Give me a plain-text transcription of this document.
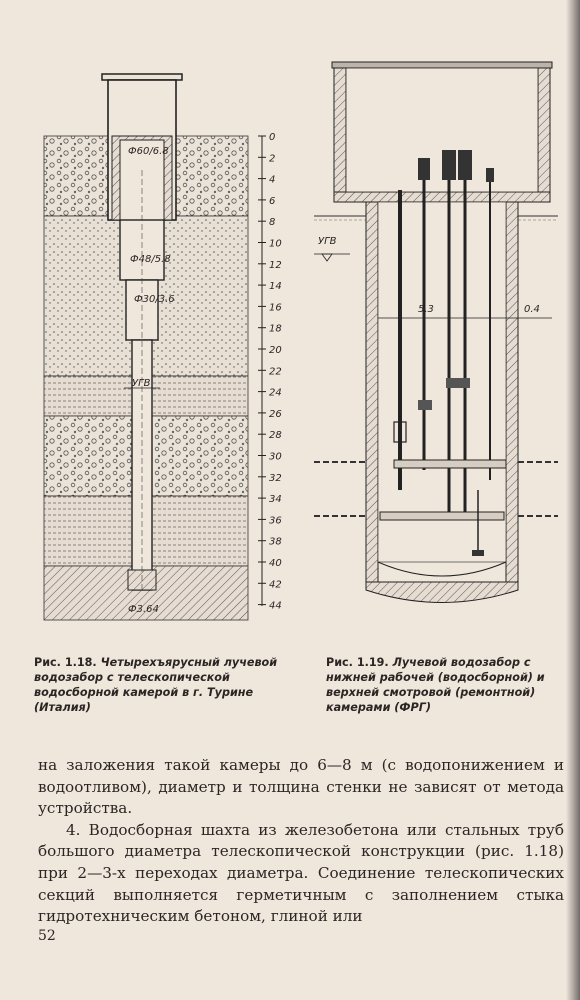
Ф60/6.8
Ф48/5.8
Ф30/3.6
УГВ
Ф3.64
0
2
4
6
8
10
12
14
16
18
20
22
24
26
28
30
32
34
36
38
40
42
44
5.3	0.4
УГВ
Рис. 1.18. Четырехъярусный лучевой водозабор с телескопической водосборной камерой в г. Турине (Италия)
Рис. 1.19. Лучевой водозабор с нижней рабочей (водосборной) и верхней смотровой (ремонтной) камерами (ФРГ)

на заложения такой камеры до 6—8 м (с водопонижением и водоотливом), диаметр и толщина стенки не зависят от метода устройства.

4. Водосборная шахта из железобетона или стальных труб большого диаметра телескопической конструкции (рис. 1.18) при 2—3-х переходах диаметра. Соединение телескопических секций выполняется герметичным с заполнением стыка гидротехническим бетоном, глиной или

52
